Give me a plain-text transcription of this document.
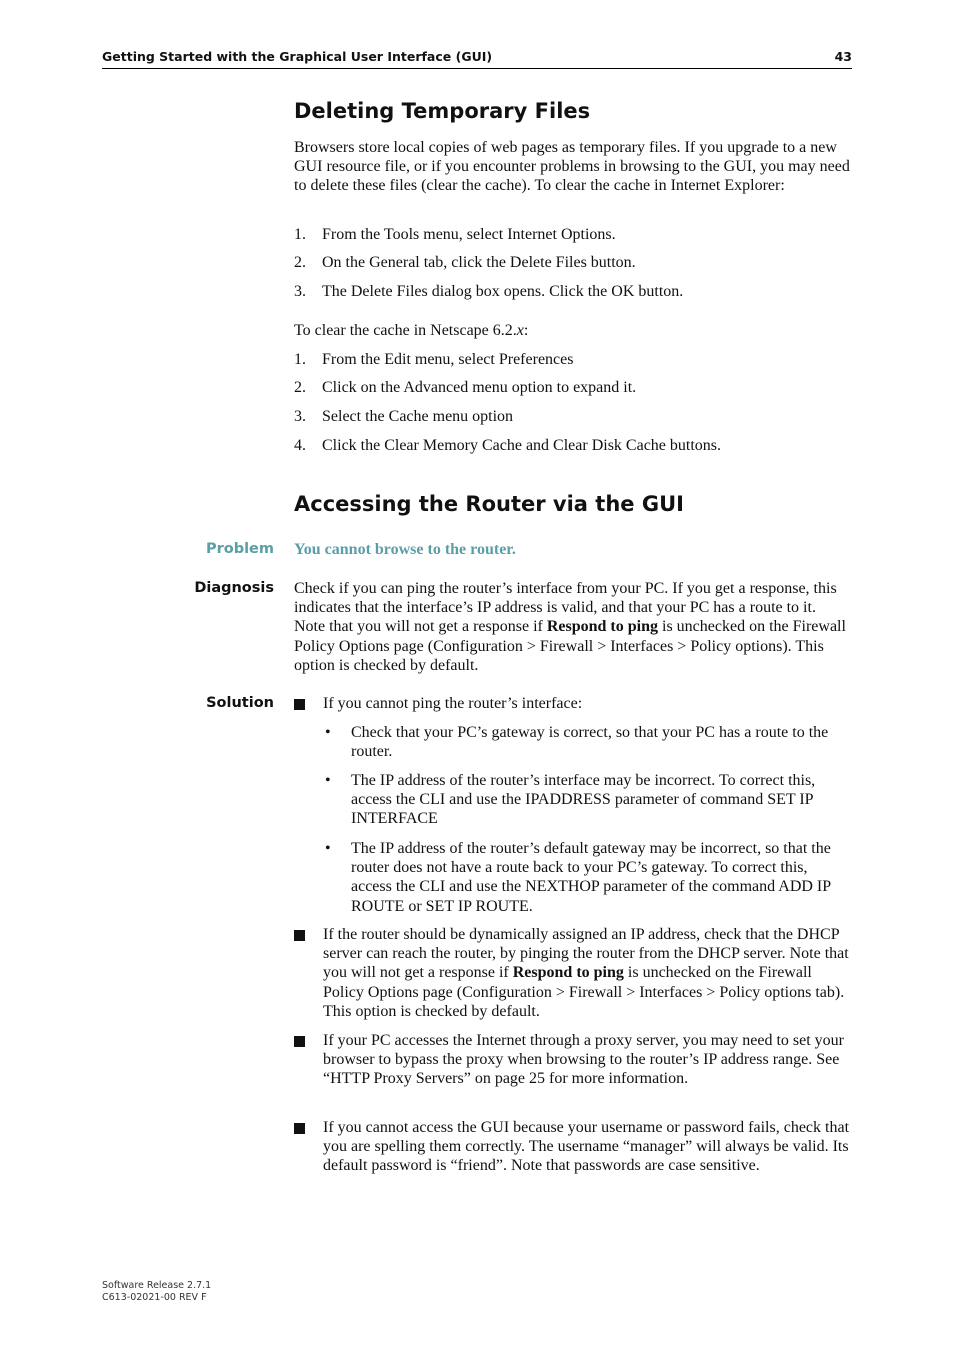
Getting Started with the Graphical User Interface (GUI)	43
Deleting Temporary Files

Browsers store local copies of web pages as temporary files. If you upgrade to a new GUI resource file, or if you encounter problems in browsing to the GUI, you may need to delete these files (clear the cache). To clear the cache in Internet Explorer:

1. From the Tools menu, select Internet Options.
2. On the General tab, click the Delete Files button.
3. The Delete Files dialog box opens. Click the OK button.

To clear the cache in Netscape 6.2.x:

1. From the Edit menu, select Preferences
2. Click on the Advanced menu option to expand it.
3. Select the Cache menu option
4. Click the Clear Memory Cache and Clear Disk Cache buttons.
Accessing the Router via the GUI
Problem You cannot browse to the router.
Diagnosis Check if you can ping the router’s interface from your PC. If you get a response, this indicates that the interface’s IP address is valid, and that your PC has a route to it. Note that you will not get a response if Respond to ping is unchecked on the Firewall Policy Options page (Configuration > Firewall > Interfaces > Policy options). This option is checked by default.

Solution	If you cannot ping the router’s interface:

• Check that your PC’s gateway is correct, so that your PC has a route to the router.

• The IP address of the router’s interface may be incorrect. To correct this, access the CLI and use the IPADDRESS parameter of command SET IP INTERFACE

• The IP address of the router’s default gateway may be incorrect, so that the router does not have a route back to your PC’s gateway. To correct this, access the CLI and use the NEXTHOP parameter of the command ADD IP ROUTE or SET IP ROUTE.

If the router should be dynamically assigned an IP address, check that the DHCP server can reach the router, by pinging the router from the DHCP server. Note that you will not get a response if Respond to ping is unchecked on the Firewall Policy Options page (Configuration > Firewall > Interfaces > Policy options tab). This option is checked by default.

If your PC accesses the Internet through a proxy server, you may need to set your browser to bypass the proxy when browsing to the router’s IP address range. See “HTTP Proxy Servers” on page 25 for more information.

If you cannot access the GUI because your username or password fails, check that you are spelling them correctly. The username “manager” will always be valid. Its default password is “friend”. Note that passwords are case sensitive.

Software Release 2.7.1
C613-02021-00 REV F
